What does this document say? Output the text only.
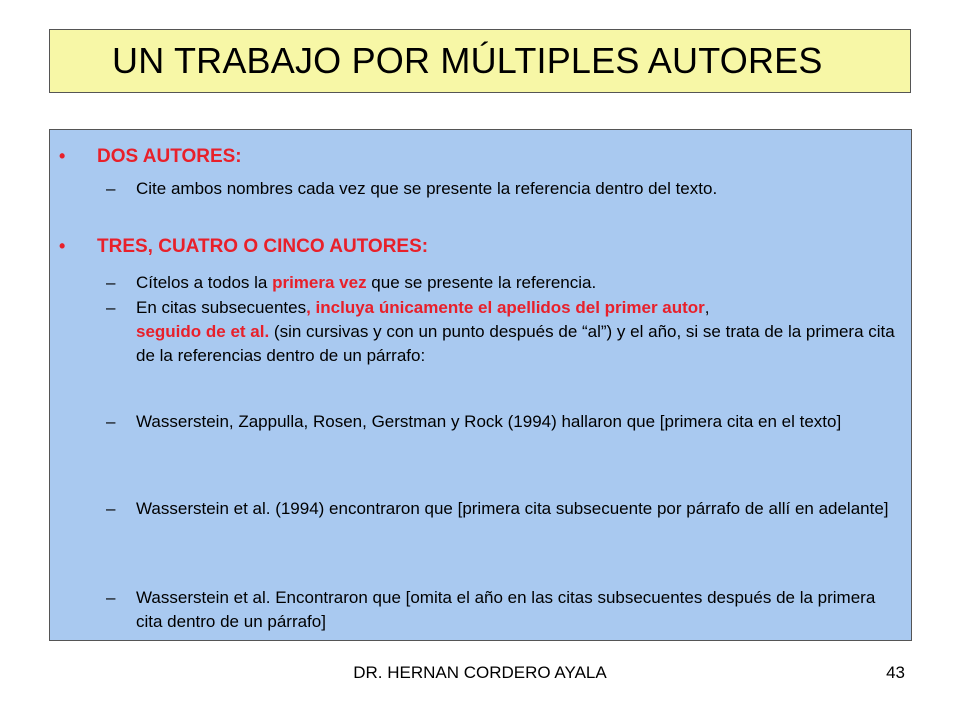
UN TRABAJO POR MÚLTIPLES AUTORES
•	DOS AUTORES:
–	Cite ambos nombres cada vez que se presente la referencia dentro del texto.
•	TRES, CUATRO O CINCO AUTORES:
–	Cítelos a todos la primera vez que se presente la referencia.
–	En citas subsecuentes, incluya únicamente el apellidos del primer autor,
seguido de et al. (sin cursivas y con un punto después de “al”) y el año, si se trata de la primera cita de la referencias dentro de un párrafo:
–	Wasserstein, Zappulla, Rosen, Gerstman y Rock (1994) hallaron que [primera cita en el texto]
–	Wasserstein et al. (1994) encontraron que [primera cita subsecuente por párrafo de allí en adelante]
–	Wasserstein et al. Encontraron que [omita el año en las citas subsecuentes después de la primera cita dentro de un párrafo]
DR. HERNAN CORDERO AYALA	43
